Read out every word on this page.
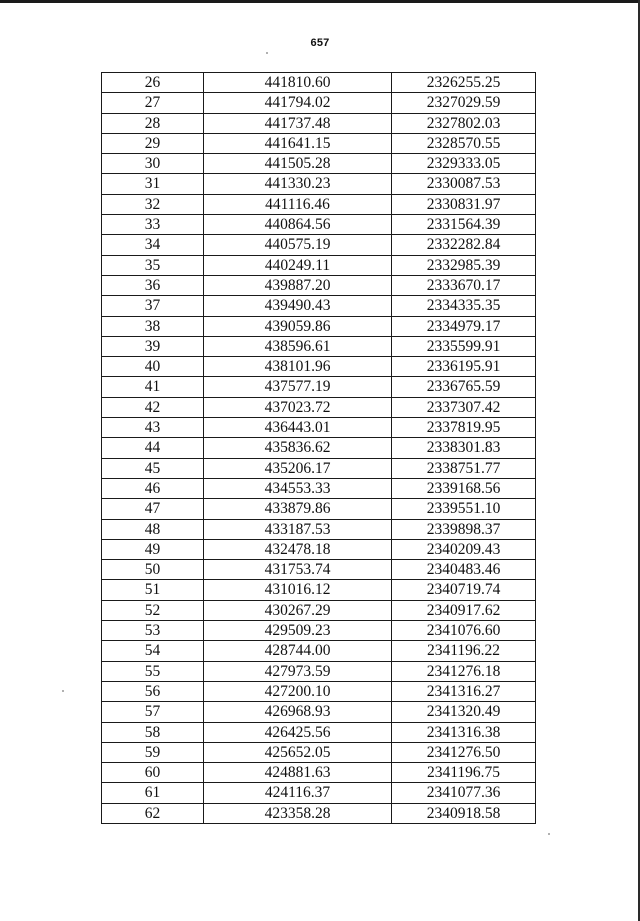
657
26	441810.60	2326255.25
27	441794.02	2327029.59
28	441737.48	2327802.03
29	441641.15	2328570.55
30	441505.28	2329333.05
31	441330.23	2330087.53
32	441116.46	2330831.97
33	440864.56	2331564.39
34	440575.19	2332282.84
35	440249.11	2332985.39
36	439887.20	2333670.17
37	439490.43	2334335.35
38	439059.86	2334979.17
39	438596.61	2335599.91
40	438101.96	2336195.91
41	437577.19	2336765.59
42	437023.72	2337307.42
43	436443.01	2337819.95
44	435836.62	2338301.83
45	435206.17	2338751.77
46	434553.33	2339168.56
47	433879.86	2339551.10
48	433187.53	2339898.37
49	432478.18	2340209.43
50	431753.74	2340483.46
51	431016.12	2340719.74
52	430267.29	2340917.62
53	429509.23	2341076.60
54	428744.00	2341196.22
55	427973.59	2341276.18
56	427200.10	2341316.27
57	426968.93	2341320.49
58	426425.56	2341316.38
59	425652.05	2341276.50
60	424881.63	2341196.75
61	424116.37	2341077.36
62	423358.28	2340918.58
